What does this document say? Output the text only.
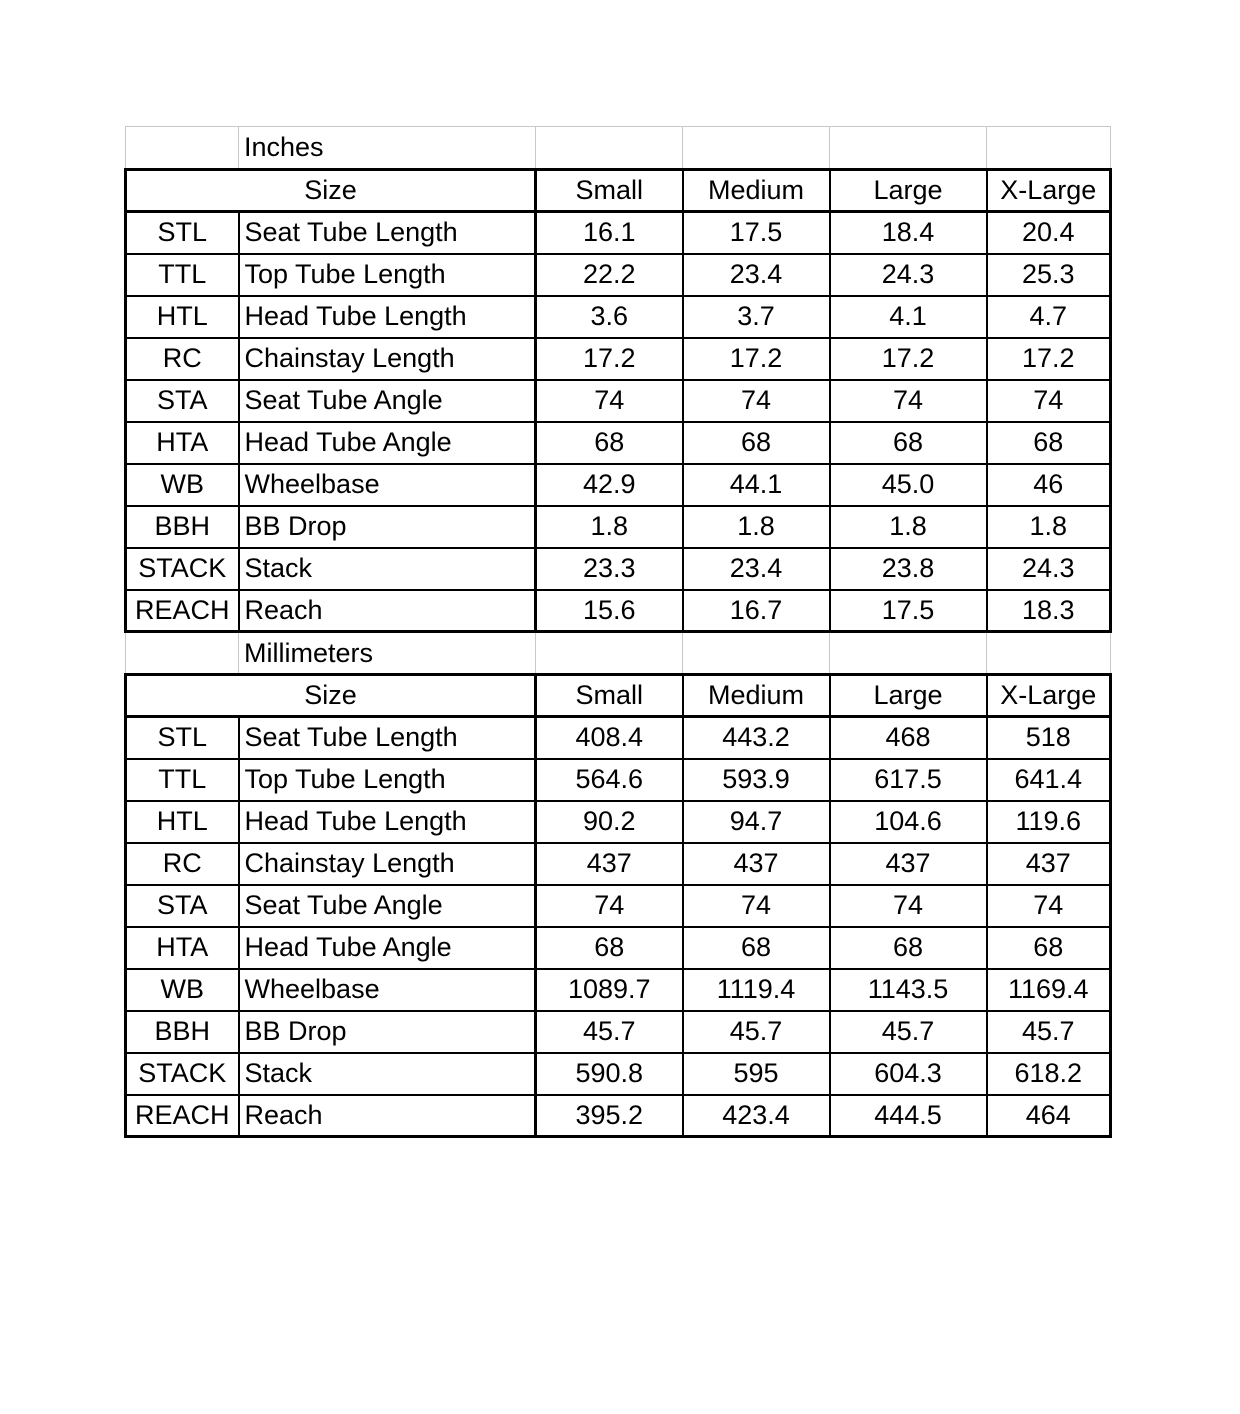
	Inches				
Size		Small	Medium	Large	X-Large
STL	Seat Tube Length	16.1	17.5	18.4	20.4
TTL	Top Tube Length	22.2	23.4	24.3	25.3
HTL	Head Tube Length	3.6	3.7	4.1	4.7
RC	Chainstay Length	17.2	17.2	17.2	17.2
STA	Seat Tube Angle	74	74	74	74
HTA	Head Tube Angle	68	68	68	68
WB	Wheelbase	42.9	44.1	45.0	46
BBH	BB Drop	1.8	1.8	1.8	1.8
STACK	Stack	23.3	23.4	23.8	24.3
REACH	Reach	15.6	16.7	17.5	18.3
	Millimeters				
Size		Small	Medium	Large	X-Large
STL	Seat Tube Length	408.4	443.2	468	518
TTL	Top Tube Length	564.6	593.9	617.5	641.4
HTL	Head Tube Length	90.2	94.7	104.6	119.6
RC	Chainstay Length	437	437	437	437
STA	Seat Tube Angle	74	74	74	74
HTA	Head Tube Angle	68	68	68	68
WB	Wheelbase	1089.7	1119.4	1143.5	1169.4
BBH	BB Drop	45.7	45.7	45.7	45.7
STACK	Stack	590.8	595	604.3	618.2
REACH	Reach	395.2	423.4	444.5	464
